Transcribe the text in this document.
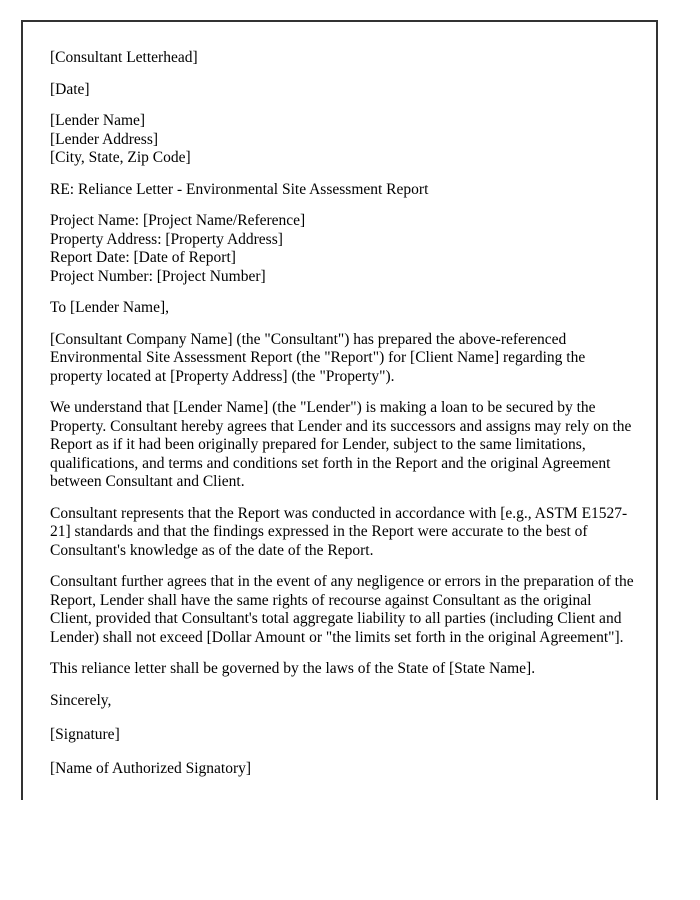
[Consultant Letterhead]

[Date]

[Lender Name]

[Lender Address]

[City, State, Zip Code]

RE: Reliance Letter - Environmental Site Assessment Report

Project Name: [Project Name/Reference]

Property Address: [Property Address]

Report Date: [Date of Report]

Project Number: [Project Number]

To [Lender Name],

[Consultant Company Name] (the "Consultant") has prepared the above-referenced Environmental Site Assessment Report (the "Report") for [Client Name] regarding the property located at [Property Address] (the "Property").

We understand that [Lender Name] (the "Lender") is making a loan to be secured by the Property. Consultant hereby agrees that Lender and its successors and assigns may rely on the Report as if it had been originally prepared for Lender, subject to the same limitations, qualifications, and terms and conditions set forth in the Report and the original Agreement between Consultant and Client.

Consultant represents that the Report was conducted in accordance with [e.g., ASTM E1527-21] standards and that the findings expressed in the Report were accurate to the best of Consultant's knowledge as of the date of the Report.

Consultant further agrees that in the event of any negligence or errors in the preparation of the Report, Lender shall have the same rights of recourse against Consultant as the original Client, provided that Consultant's total aggregate liability to all parties (including Client and Lender) shall not exceed [Dollar Amount or "the limits set forth in the original Agreement"].

This reliance letter shall be governed by the laws of the State of [State Name].

Sincerely,

[Signature]

[Name of Authorized Signatory]
